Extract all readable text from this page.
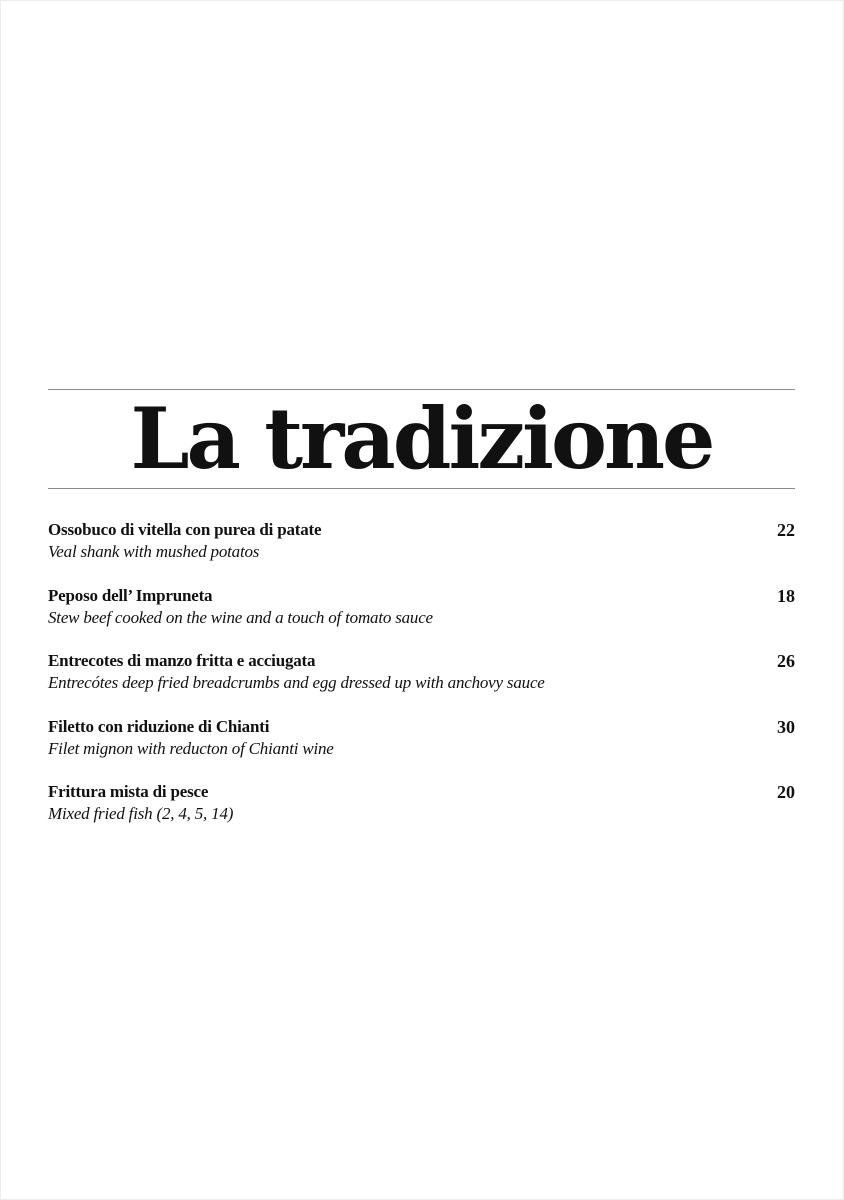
La tradizione
Ossobuco di vitella con purea di patate
Veal shank with mushed potatos
22
Peposo dell’ Impruneta
Stew beef cooked on the wine and a touch of tomato sauce
18
Entrecotes di manzo fritta e acciugata
Entrecótes deep fried breadcrumbs and egg dressed up with anchovy sauce
26
Filetto con riduzione di Chianti
Filet mignon with reducton of Chianti wine
30
Frittura mista di pesce
Mixed fried fish (2, 4, 5, 14)
20
